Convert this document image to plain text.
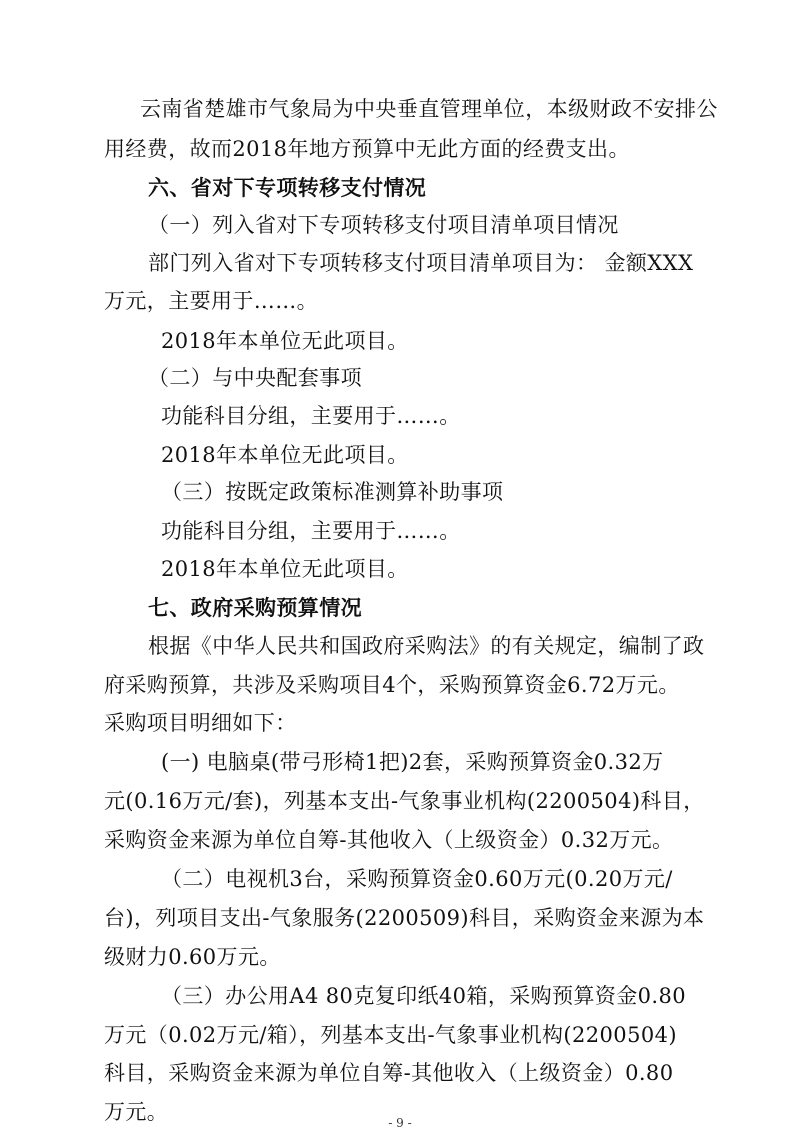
云南省楚雄市气象局为中央垂直管理单位，本级财政不安排公
用经费，故而2018年地方预算中无此方面的经费支出。
六、省对下专项转移支付情况
（一）列入省对下专项转移支付项目清单项目情况
部门列入省对下专项转移支付项目清单项目为： 金额XXX
万元，主要用于……。
2018年本单位无此项目。
（二）与中央配套事项
功能科目分组，主要用于……。
2018年本单位无此项目。
（三）按既定政策标准测算补助事项
功能科目分组，主要用于……。
2018年本单位无此项目。
七、政府采购预算情况
根据《中华人民共和国政府采购法》的有关规定，编制了政
府采购预算，共涉及采购项目4个，采购预算资金6.72万元。
采购项目明细如下：
(一) 电脑桌(带弓形椅1把)2套，采购预算资金0.32万
元(0.16万元/套)，列基本支出-气象事业机构(2200504)科目，
采购资金来源为单位自筹-其他收入（上级资金）0.32万元。
（二）电视机3台，采购预算资金0.60万元(0.20万元/
台)，列项目支出-气象服务(2200509)科目，采购资金来源为本
级财力0.60万元。
（三）办公用A4 80克复印纸40箱，采购预算资金0.80
万元（0.02万元/箱），列基本支出-气象事业机构(2200504)
科目，采购资金来源为单位自筹-其他收入（上级资金）0.80
万元。	- 9 -
